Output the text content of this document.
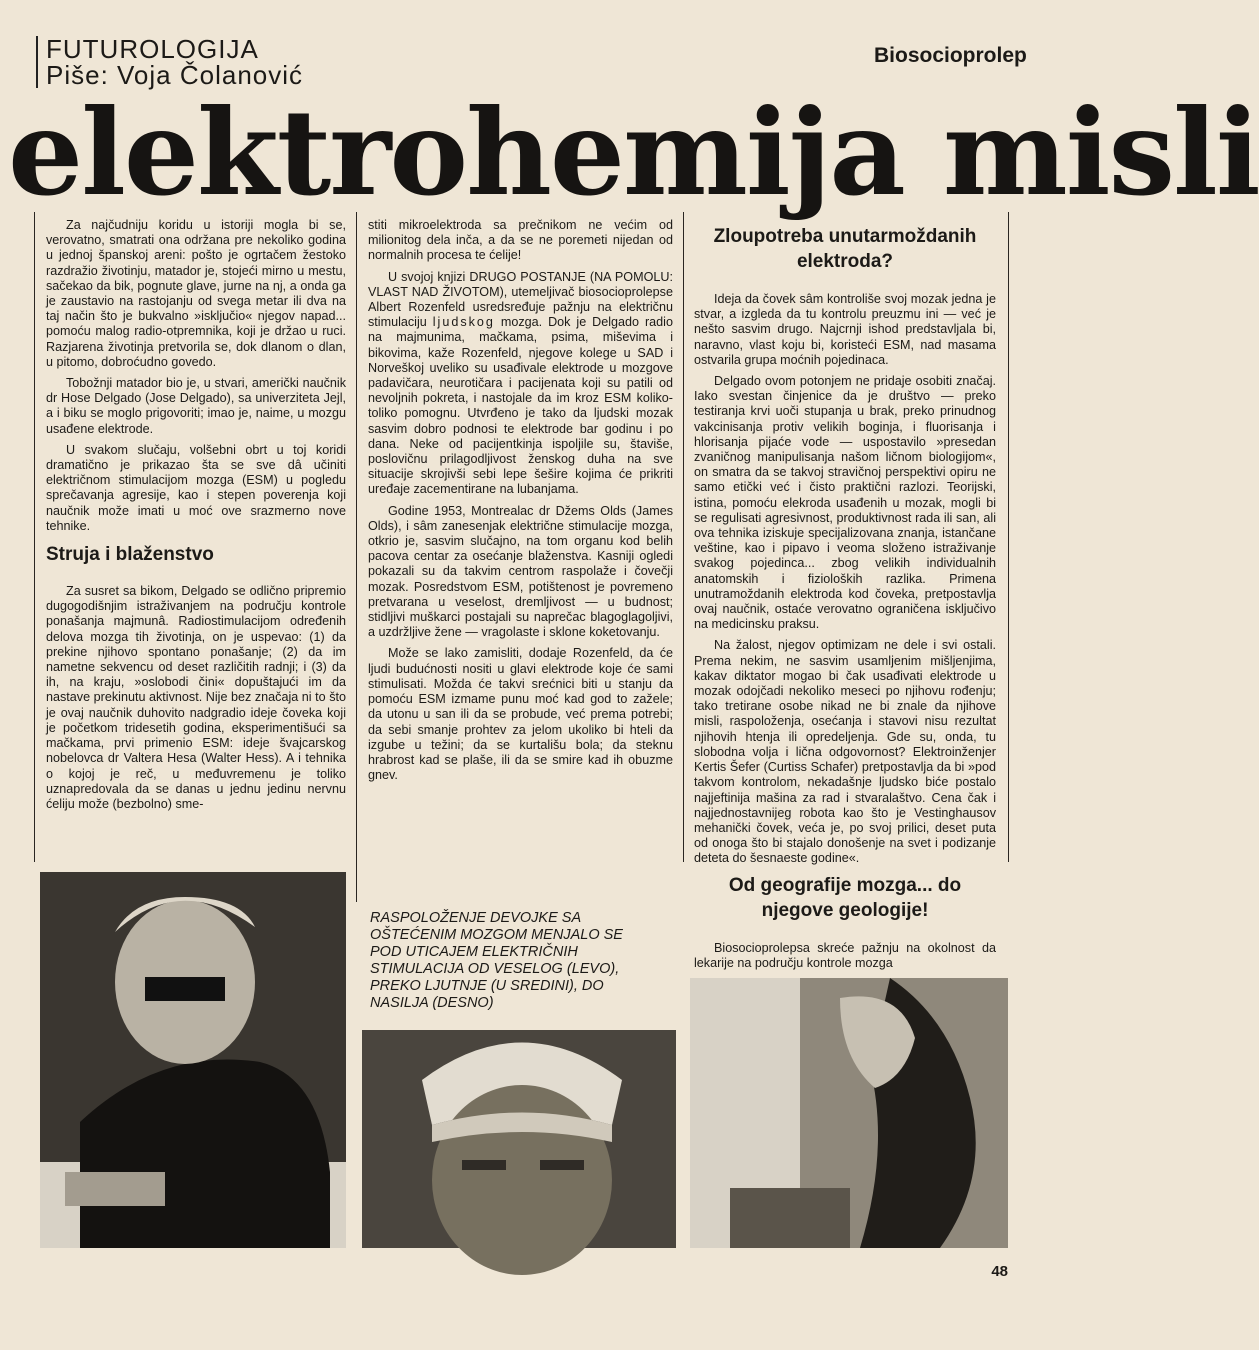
FUTUROLOGIJA
Piše: Voja Čolanović
Biosocioprolep
elektrohemija misli

Za najčudniju koridu u istoriji mogla bi se, verovatno, smatrati ona održana pre nekoliko godina u jednoj španskoj areni: pošto je ogrtačem žestoko razdražio životinju, matador je, stojeći mirno u mestu, sačekao da bik, pognute glave, jurne na nj, a onda ga je zaustavio na rastojanju od svega metar ili dva na taj način što je bukvalno »isključio« njegov napad... pomoću malog radio-otpremnika, koji je držao u ruci. Razjarena životinja pretvorila se, dok dlanom o dlan, u pitomo, dobroćudno govedo.

Tobožnji matador bio je, u stvari, američki naučnik dr Hose Delgado (Jose Delgado), sa univerziteta Jejl, a i biku se moglo prigovoriti; imao je, naime, u mozgu usađene elektrode.

U svakom slučaju, volšebni obrt u toj koridi dramatično je prikazao šta se sve dâ učiniti električnom stimulacijom mozga (ESM) u pogledu sprečavanja agresije, kao i stepen poverenja koji naučnik može imati u moć ove srazmerno nove tehnike.

Struja i blaženstvo

Za susret sa bikom, Delgado se odlično pripremio dugogodišnjim istraživanjem na području kontrole ponašanja majmunâ. Radiostimulacijom određenih delova mozga tih životinja, on je uspevao: (1) da prekine njihovo spontano ponašanje; (2) da im nametne sekvencu od deset različitih radnji; i (3) da ih, na kraju, »oslobodi čini« dopuštajući im da nastave prekinutu aktivnost. Nije bez značaja ni to što je ovaj naučnik duhovito nadgradio ideje čoveka koji je početkom tridesetih godina, eksperimentišući sa mačkama, prvi primenio ESM: ideje švajcarskog nobelovca dr Valtera Hesa (Walter Hess). A i tehnika o kojoj je reč, u međuvremenu je toliko uznapredovala da se danas u jednu jedinu nervnu ćeliju može (bezbolno) sme-

stiti mikroelektroda sa prečnikom ne većim od milionitog dela inča, a da se ne poremeti nijedan od normalnih procesa te ćelije!

U svojoj knjizi DRUGO POSTANJE (NA POMOLU: VLAST NAD ŽIVOTOM), utemeljivač biosocioprolepse Albert Rozenfeld usredsređuje pažnju na električnu stimulaciju ljudskog mozga. Dok je Delgado radio na majmunima, mačkama, psima, miševima i bikovima, kaže Rozenfeld, njegove kolege u SAD i Norveškoj uveliko su usađivale elektrode u mozgove padavičara, neurotičara i pacijenata koji su patili od nevoljnih pokreta, i nastojale da im kroz ESM koliko-toliko pomognu. Utvrđeno je tako da ljudski mozak sasvim dobro podnosi te elektrode bar godinu i po dana. Neke od pacijentkinja ispoljile su, štaviše, poslovičnu prilagodljivost ženskog duha na sve situacije skrojivši sebi lepe šešire kojima će prikriti uređaje zacementirane na lubanjama.

Godine 1953, Montrealac dr Džems Olds (James Olds), i sâm zanesenjak električne stimulacije mozga, otkrio je, sasvim slučajno, na tom organu kod belih pacova centar za osećanje blaženstva. Kasniji ogledi pokazali su da takvim centrom raspolaže i čovečji mozak. Posredstvom ESM, potištenost je povremeno pretvarana u veselost, dremljivost — u budnost; stidljivi muškarci postajali su naprečac blagoglagoljivi, a uzdržljive žene — vragolaste i sklone koketovanju.

Može se lako zamisliti, dodaje Rozenfeld, da će ljudi budućnosti nositi u glavi elektrode koje će sami stimulisati. Možda će takvi srećnici biti u stanju da pomoću ESM izmame punu moć kad god to zažele; da utonu u san ili da se probude, već prema potrebi; da sebi smanje prohtev za jelom ukoliko bi hteli da izgube u težini; da se kurtališu bola; da steknu hrabrost kad se plaše, ili da se smire kad ih obuzme gnev.

Zloupotreba unutarmoždanih elektroda?

Ideja da čovek sâm kontroliše svoj mozak jedna je stvar, a izgleda da tu kontrolu preuzmu ini — već je nešto sasvim drugo. Najcrnji ishod predstavljala bi, naravno, vlast koju bi, koristeći ESM, nad masama ostvarila grupa moćnih pojedinaca.

Delgado ovom potonjem ne pridaje osobiti značaj. Iako svestan činjenice da je društvo — preko testiranja krvi uoči stupanja u brak, preko prinudnog vakcinisanja protiv velikih boginja, i fluorisanja i hlorisanja pijaće vode — uspostavilo »presedan zvaničnog manipulisanja našom ličnom biologijom«, on smatra da se takvoj stravičnoj perspektivi opiru ne samo etički već i čisto praktični razlozi. Teorijski, istina, pomoću elekroda usađenih u mozak, mogli bi se regulisati agresivnost, produktivnost rada ili san, ali ova tehnika iziskuje specijalizovana znanja, istančane veštine, kao i pipavo i veoma složeno istraživanje svakog pojedinca... zbog velikih individualnih anatomskih i fizioloških razlika. Primena unutramoždanih elektroda kod čoveka, pretpostavlja ovaj naučnik, ostaće verovatno ograničena isključivo na medicinsku praksu.

Na žalost, njegov optimizam ne dele i svi ostali. Prema nekim, ne sasvim usamljenim mišljenjima, kakav diktator mogao bi čak usađivati elektrode u mozak odojčadi nekoliko meseci po njihovu rođenju; tako tretirane osobe nikad ne bi znale da njihove misli, raspoloženja, osećanja i stavovi nisu rezultat njihovih htenja ili opredeljenja. Gde su, onda, tu slobodna volja i lična odgovornost? Elektroinženjer Kertis Šefer (Curtiss Schafer) pretpostavlja da bi »pod takvom kontrolom, nekadašnje ljudsko biće postalo najjeftinija mašina za rad i stvaralaštvo. Cena čak i najjednostavnijeg robota kao što je Vestinghausov mehanički čovek, veća je, po svoj prilici, deset puta od onoga što bi stajalo donošenje na svet i podizanje deteta do šesnaeste godine«.

Od geografije mozga... do njegove geologije!

Biosocioprolepsa skreće pažnju na okolnost da lekarije na području kontrole mozga

RASPOLOŽENJE DEVOJKE SA OŠTEĆENIM MOZGOM MENJALO SE POD UTICAJEM ELEKTRIČNIH STIMULACIJA OD VESELOG (LEVO), PREKO LJUTNJE (U SREDINI), DO NASILJA (DESNO)
48
